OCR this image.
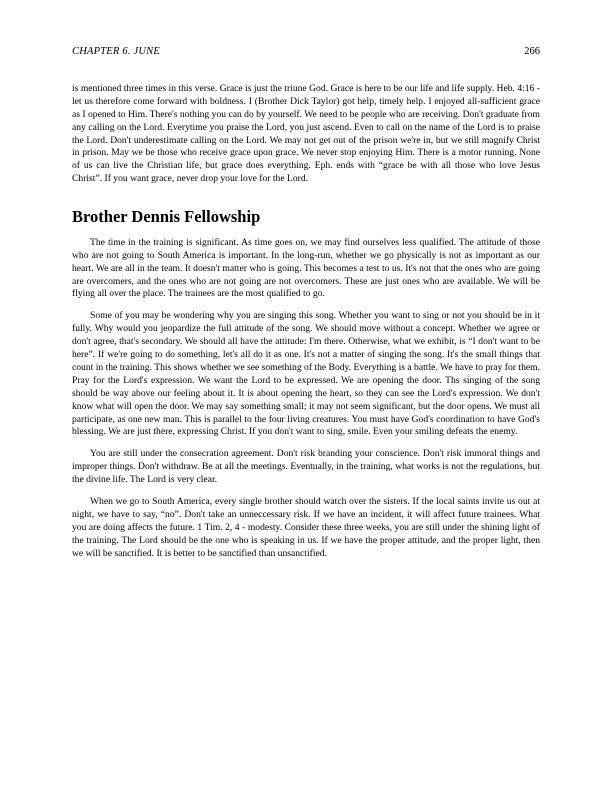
CHAPTER 6. JUNE	266

is mentioned three times in this verse. Grace is just the triune God. Grace is here to be our life and life supply. Heb. 4:16 - let us therefore come forward with boldness. I (Brother Dick Taylor) got help, timely help. I enjoyed all-sufficient grace as I opened to Him. There's nothing you can do by yourself. We need to be people who are receiving. Don't graduate from any calling on the Lord. Everytime you praise the Lord, you just ascend. Even to call on the name of the Lord is to praise the Lord. Don't underestimate calling on the Lord. We may not get out of the prison we're in, but we still magnify Christ in prison. May we be those who receive grace upon grace. We never stop enjoying Him. There is a motor running. None of us can live the Christian life, but grace does everything. Eph. ends with “grace be with all those who love Jesus Christ”. If you want grace, never drop your love for the Lord.

Brother Dennis Fellowship

The time in the training is significant. As time goes on, we may find ourselves less qualified. The attitude of those who are not going to South America is important. In the long-run, whether we go physically is not as important as our heart. We are all in the team. It doesn't matter who is going. This becomes a test to us. It's not that the ones who are going are overcomers, and the ones who are not going are not overcomers. These are just ones who are available. We will be flying all over the place. The trainees are the most qualified to go.

Some of you may be wondering why you are singing this song. Whether you want to sing or not you should be in it fully. Why would you jeopardize the full attitude of the song. We should move without a concept. Whether we agree or don't agree, that's secondary. We should all have the attitude: I'm there. Otherwise, what we exhibit, is “I don't want to be here”. If we're going to do something, let's all do it as one. It's not a matter of singing the song. It's the small things that count in the training. This shows whether we see something of the Body. Everything is a battle. We have to pray for them. Pray for the Lord's expression. We want the Lord to be expressed. We are opening the door. Ths singing of the song should be way above our feeling about it. It is about opening the heart, so they can see the Lord's expression. We don't know what will open the door. We may say something small; it may not seem significant, but the door opens. We must all participate, as one new man. This is parallel to the four living creatures. You must have God's coordination to have God's blessing. We are just there, expressing Christ. If you don't want to sing, smile. Even your smiling defeats the enemy.

You are still under the consecration agreement. Don't risk branding your conscience. Don't risk immoral things and improper things. Don't withdraw. Be at all the meetings. Eventually, in the training, what works is not the regulations, but the divine life. The Lord is very clear.

When we go to South America, every single brother should watch over the sisters. If the local saints invite us out at night, we have to say, “no”. Don't take an unneccessary risk. If we have an incident, it will affect future trainees. What you are doing affects the future. 1 Tim. 2, 4 - modesty. Consider these three weeks, you are still under the shining light of the training. The Lord should be the one who is speaking in us. If we have the proper attitude, and the proper light, then we will be sanctified. It is better to be sanctified than unsanctified.
